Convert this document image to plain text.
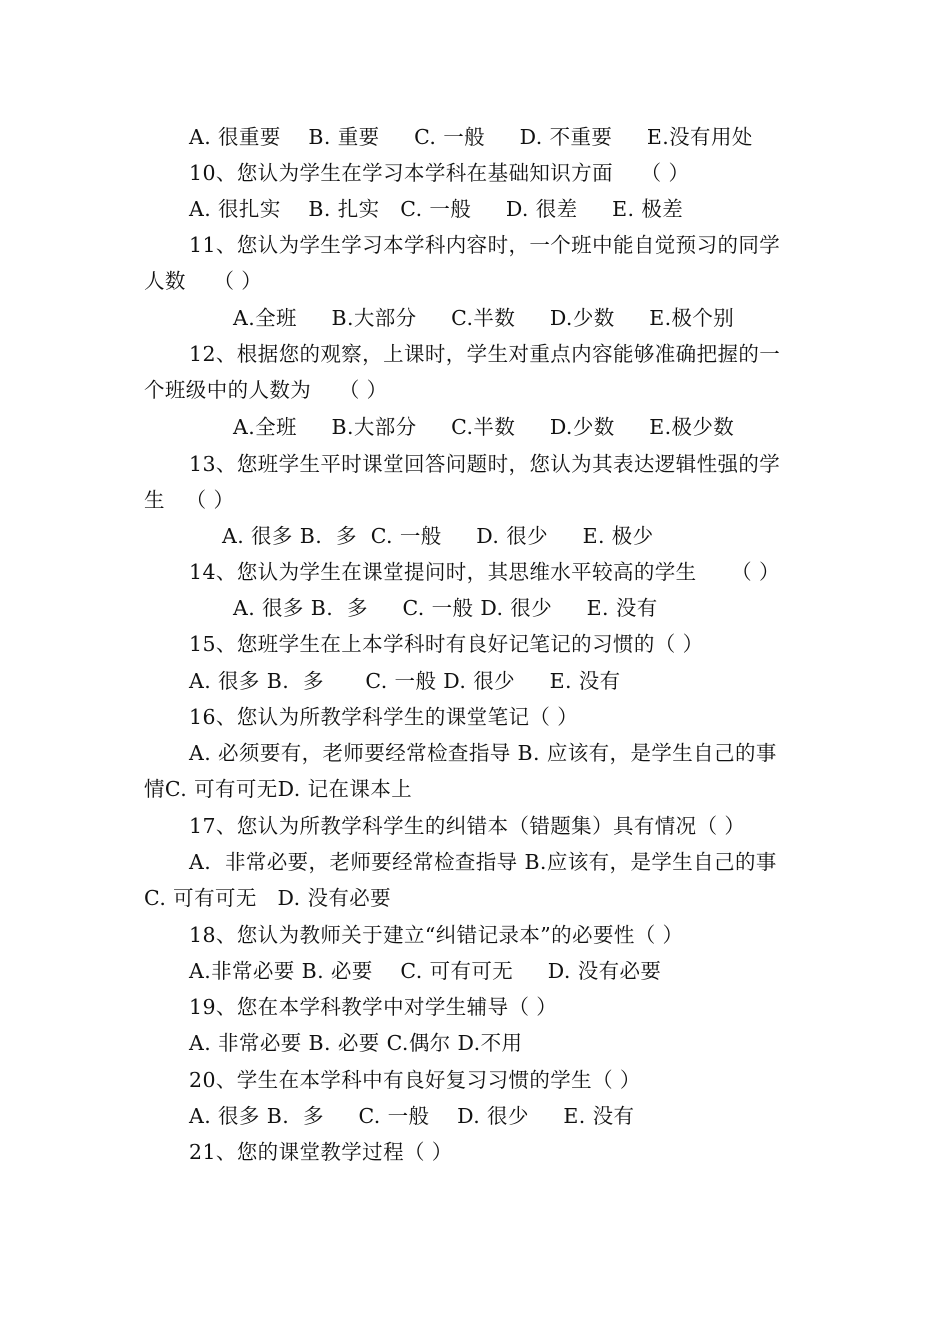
A. 很重要    B. 重要     C. 一般     D. 不重要     E.没有用处
10、您认为学生在学习本学科在基础知识方面    （ ）
A. 很扎实    B. 扎实   C. 一般     D. 很差     E. 极差
11、您认为学生学习本学科内容时，一个班中能自觉预习的同学
人数    （ ）
A.全班     B.大部分     C.半数     D.少数     E.极个别
12、根据您的观察，上课时，学生对重点内容能够准确把握的一
个班级中的人数为    （ ）
A.全班     B.大部分     C.半数     D.少数     E.极少数
13、您班学生平时课堂回答问题时，您认为其表达逻辑性强的学
生   （ ）
A. 很多 B.  多  C. 一般     D. 很少     E. 极少
14、您认为学生在课堂提问时，其思维水平较高的学生     （ ）
A. 很多 B.  多     C. 一般 D. 很少     E. 没有
15、您班学生在上本学科时有良好记笔记的习惯的（ ）
A. 很多 B.  多      C. 一般 D. 很少     E. 没有
16、您认为所教学科学生的课堂笔记（ ）
A. 必须要有，老师要经常检查指导 B. 应该有，是学生自己的事
情C. 可有可无D. 记在课本上
17、您认为所教学科学生的纠错本（错题集）具有情况（ ）
A.  非常必要，老师要经常检查指导 B.应该有，是学生自己的事
C. 可有可无   D. 没有必要
18、您认为教师关于建立“纠错记录本”的必要性（ ）
A.非常必要 B. 必要    C. 可有可无     D. 没有必要
19、您在本学科教学中对学生辅导（ ）
A. 非常必要 B. 必要 C.偶尔 D.不用
20、学生在本学科中有良好复习习惯的学生（ ）
A. 很多 B.  多     C. 一般    D. 很少     E. 没有
21、您的课堂教学过程（ ）
